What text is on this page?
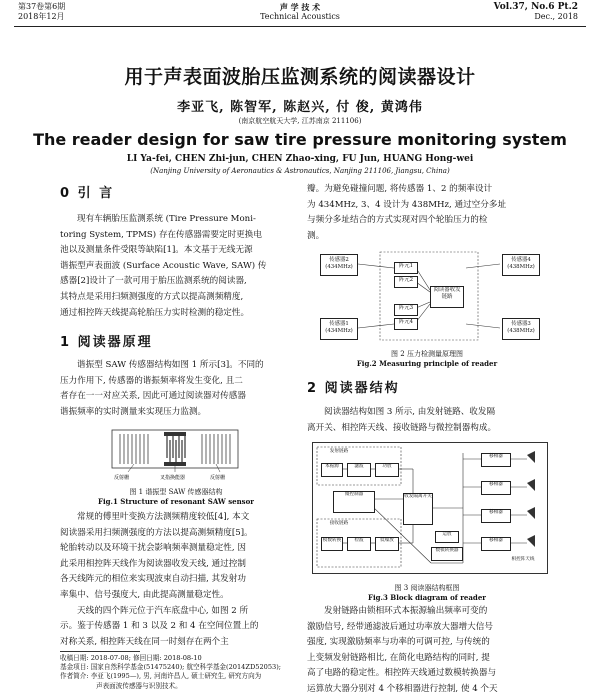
第37卷第6期
2018年12月
声 学 技 术
Technical Acoustics
Vol.37, No.6 Pt.2
Dec., 2018
用于声表面波胎压监测系统的阅读器设计
李亚飞, 陈智军, 陈赵兴, 付 俊, 黄鸿伟
(南京航空航天大学, 江苏南京 211106)
The reader design for saw tire pressure monitoring system
LI Ya-fei, CHEN Zhi-jun, CHEN Zhao-xing, FU Jun, HUANG Hong-wei
(Nanjing University of Aeronautics & Astronautics, Nanjing 211106, Jiangsu, China)
0 引 言
现有车辆胎压监测系统 (Tire Pressure Moni-
toring System, TPMS) 存在传感器需要定时更换电
池以及测量条件受限等缺陷[1]。本文基于无线无源
谐振型声表面波 (Surface Acoustic Wave, SAW) 传
感器[2]设计了一款可用于胎压监测系统的阅读器,
其特点是采用扫频测强度的方式以提高测频精度,
通过相控阵天线提高轮胎压力实时检测的稳定性。
1 阅读器原理
谐振型 SAW 传感器结构如图 1 所示[3]。不同的
压力作用下, 传感器的谐振频率将发生变化, 且二
者存在一一对应关系, 因此可通过阅读器对传感器
谐振频率的实时测量来实现压力监测。
反射栅	叉指换能器	反射栅
图 1 谐振型 SAW 传感器结构
Fig.1 Structure of resonant SAW sensor
常规的傅里叶变换方法测频精度较低[4], 本文
阅读器采用扫频测强度的方法以提高测频精度[5]。
轮胎转动以及环境干扰会影响频率测量稳定性, 因
此采用相控阵天线作为阅读器收发天线, 通过控制
各天线阵元的相位来实现波束自动扫描, 其发射功
率集中、信号强度大, 由此提高测量稳定性。
天线的四个阵元位于汽车底盘中心, 如图 2 所
示。鉴于传感器 1 和 3 以及 2 和 4 在空间位置上的
对称关系, 相控阵天线在同一时刻存在两个主
收稿日期: 2018-07-08; 修回日期: 2018-08-10
基金项目: 国家自然科学基金(51475240); 航空科学基金(2014ZD52053);
作者简介: 李亚飞(1995—), 男, 河南许昌人, 硕士研究生, 研究方向为
声表面波传感器与识别技术。
瓣。为避免碰撞问题, 将传感器 1、2 的频率设计
为 434MHz, 3、4 设计为 438MHz, 通过空分多址
与频分多址结合的方式实现对四个轮胎压力的检
测。
传感器2
(434MHz)
传感器4
(438MHz)
传感器1
(434MHz)
传感器3
(438MHz)
阵元1
阵元2
阵元3
阵元4
阅读器收发链路
图 2 压力检测量原理图
Fig.2 Measuring principle of reader
2 阅读器结构
阅读器结构如图 3 所示, 由发射链路、收发隔
离开关、相控阵天线、接收链路与微控制器构成。
发射链路
本振源	滤波	功放
收发隔离开关
微控制器
接收链路
模数转换	检波	低噪放
数模转换器
运放
移相器
移相器
移相器
移相器
相控阵天线
图 3 阅读器结构框图
Fig.3 Block diagram of reader
发射链路由锁相环式本振源输出频率可变的
激励信号, 经带通滤波后通过功率放大器增大信号
强度, 实现激励频率与功率的可调可控, 与传统的
上变频发射链路相比, 在简化电路结构的同时, 提
高了电路的稳定性。相控阵天线通过数模转换器与
运算放大器分别对 4 个移相器进行控制, 使 4 个天
